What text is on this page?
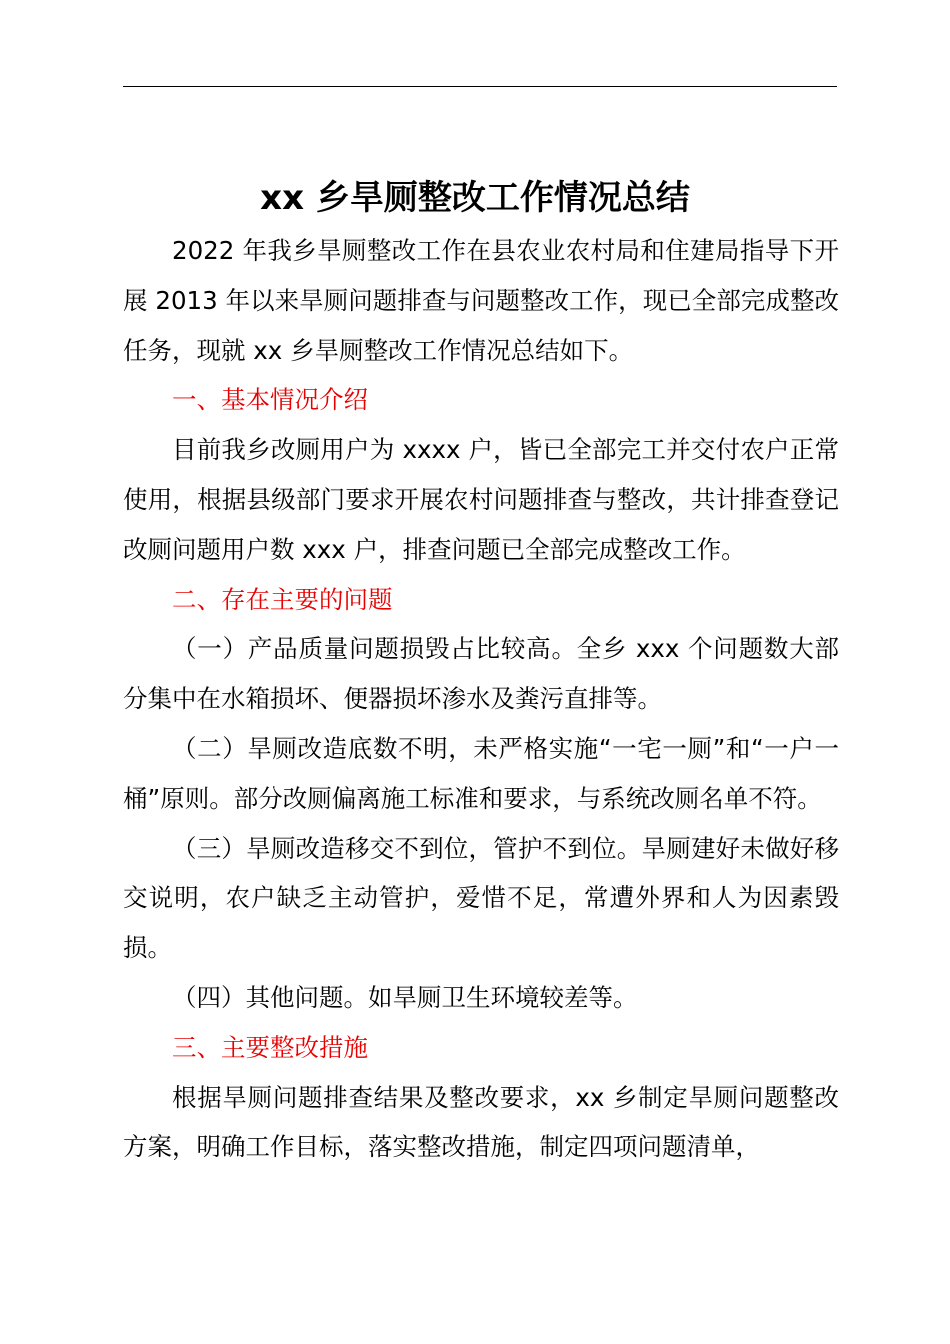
xx 乡旱厕整改工作情况总结

2022 年我乡旱厕整改工作在县农业农村局和住建局指导下开展 2013 年以来旱厕问题排查与问题整改工作，现已全部完成整改任务，现就 xx 乡旱厕整改工作情况总结如下。

一、基本情况介绍

目前我乡改厕用户为 xxxx 户，皆已全部完工并交付农户正常使用，根据县级部门要求开展农村问题排查与整改，共计排查登记改厕问题用户数 xxx 户，排查问题已全部完成整改工作。

二、存在主要的问题

（一）产品质量问题损毁占比较高。全乡 xxx 个问题数大部分集中在水箱损坏、便器损坏渗水及粪污直排等。

（二）旱厕改造底数不明，未严格实施“一宅一厕”和“一户一桶”原则。部分改厕偏离施工标准和要求，与系统改厕名单不符。

（三）旱厕改造移交不到位，管护不到位。旱厕建好未做好移交说明，农户缺乏主动管护，爱惜不足，常遭外界和人为因素毁损。

（四）其他问题。如旱厕卫生环境较差等。

三、主要整改措施

根据旱厕问题排查结果及整改要求，xx 乡制定旱厕问题整改方案，明确工作目标，落实整改措施，制定四项问题清单，
